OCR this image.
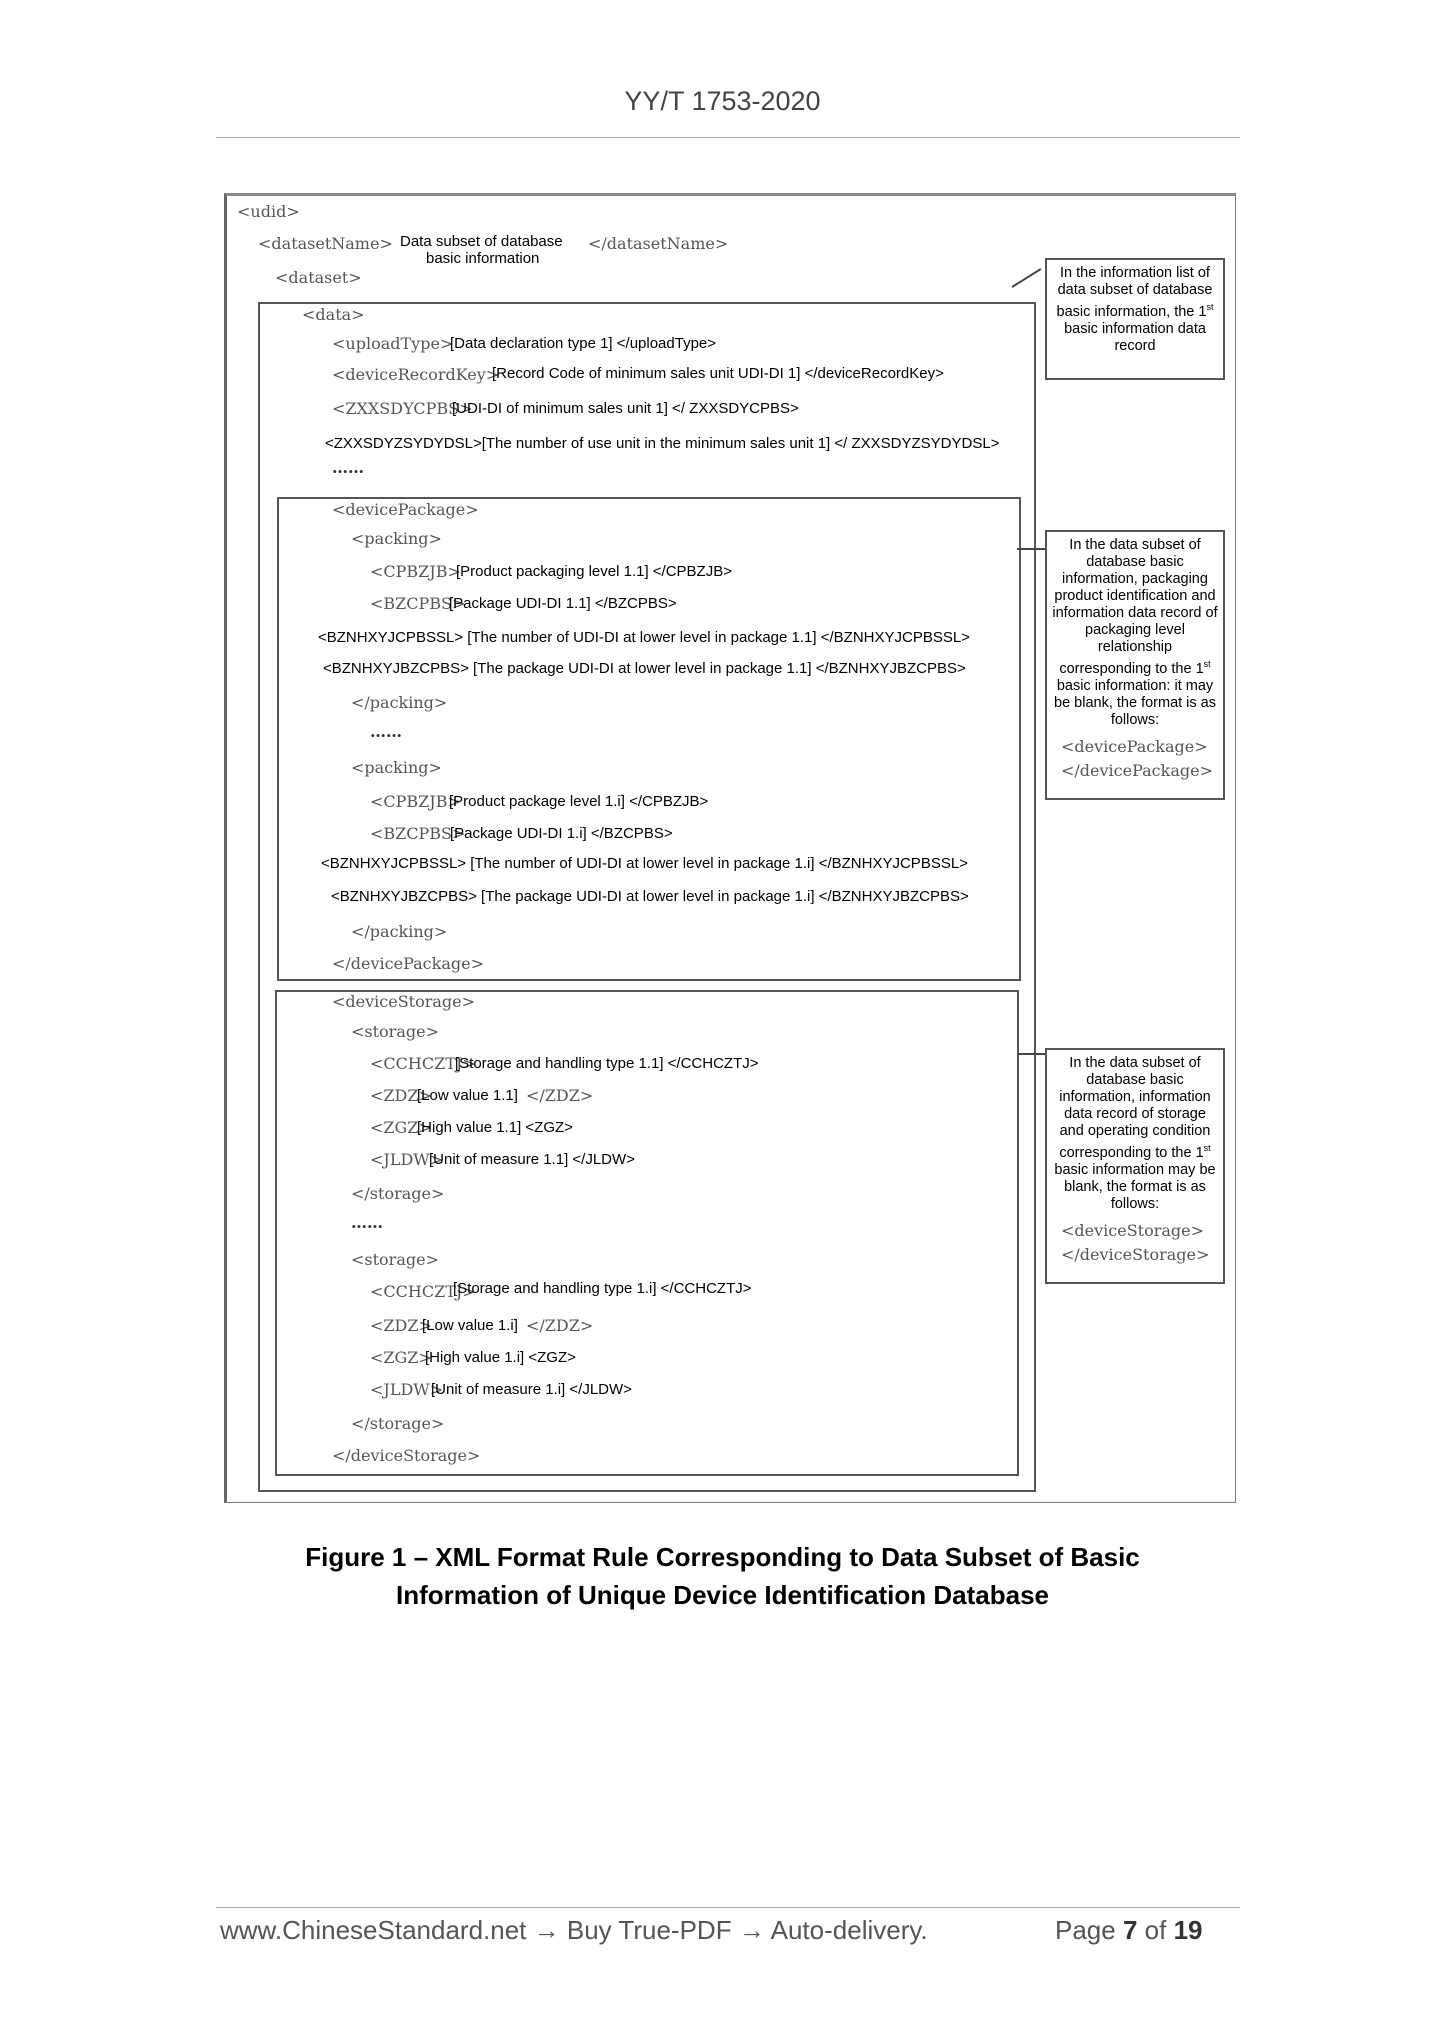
YY/T 1753-2020
<udid>
<datasetName> Data subset of database
basic information
</datasetName>
<dataset>
<data>
<uploadType>
[Data declaration type 1] </uploadType>
<deviceRecordKey>
[Record Code of minimum sales unit UDI-DI 1] </deviceRecordKey>
<ZXXSDYCPBS>
[UDI-DI of minimum sales unit 1] </ ZXXSDYCPBS>
<ZXXSDYZSYDYDSL>[The number of use unit in the minimum sales unit 1] </ ZXXSDYZSYDYDSL>
……
<devicePackage>
<packing>
<CPBZJB>
[Product packaging level 1.1] </CPBZJB>
<BZCPBS>
[Package UDI-DI 1.1] </BZCPBS>
<BZNHXYJCPBSSL> [The number of UDI-DI at lower level in package 1.1] </BZNHXYJCPBSSL>
<BZNHXYJBZCPBS> [The package UDI-DI at lower level in package 1.1] </BZNHXYJBZCPBS>
</packing>
……
<packing>
<CPBZJB>
[Product package level 1.i] </CPBZJB>
<BZCPBS>
[Package UDI-DI 1.i] </BZCPBS>
<BZNHXYJCPBSSL> [The number of UDI-DI at lower level in package 1.i] </BZNHXYJCPBSSL>
<BZNHXYJBZCPBS> [The package UDI-DI at lower level in package 1.i] </BZNHXYJBZCPBS>
</packing>
</devicePackage>
<deviceStorage>
<storage>
<CCHCZTJ>
[Storage and handling type 1.1] </CCHCZTJ>
<ZDZ>
[Low value 1.1] </ZDZ>
<ZGZ>
[High value 1.1] <ZGZ>
<JLDW>
[Unit of measure 1.1] </JLDW>
</storage>
……
<storage>
<CCHCZTJ>
[Storage and handling type 1.i] </CCHCZTJ>
<ZDZ>
[Low value 1.i] </ZDZ>
<ZGZ>
[High value 1.i] <ZGZ>
<JLDW>
[Unit of measure 1.i] </JLDW>
</storage>
</deviceStorage>
In the information list of data subset of database basic information, the 1st basic information data record
In the data subset of database basic information, packaging product identification and information data record of packaging level relationship corresponding to the 1st basic information: it may be blank, the format is as follows:
<devicePackage>
</devicePackage>
In the data subset of database basic information, information data record of storage and operating condition corresponding to the 1st basic information may be blank, the format is as follows:
<deviceStorage>
</deviceStorage>
Figure 1 – XML Format Rule Corresponding to Data Subset of Basic
Information of Unique Device Identification Database
www.ChineseStandard.net → Buy True-PDF → Auto-delivery.	Page 7 of 19
